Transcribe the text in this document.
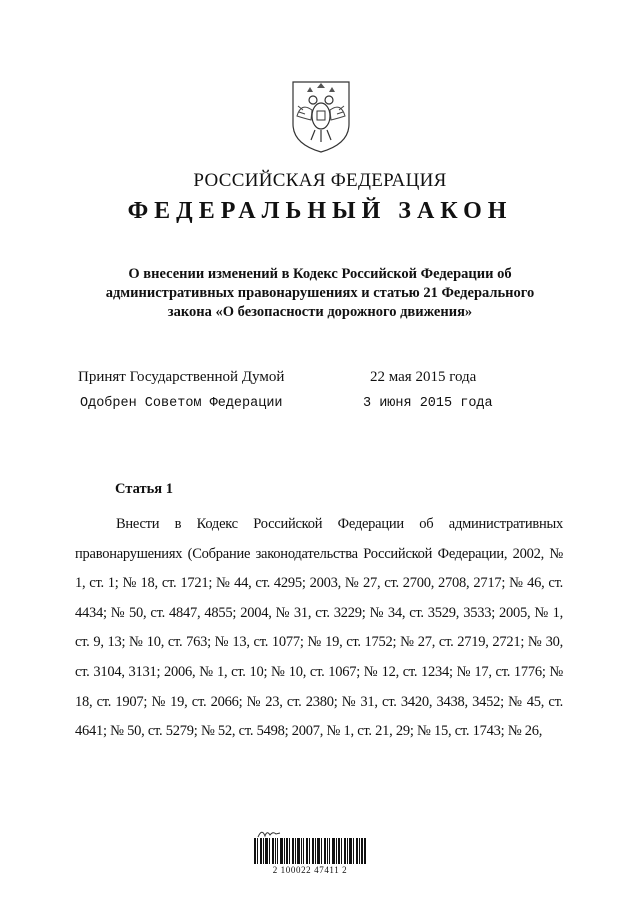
РОССИЙСКАЯ ФЕДЕРАЦИЯ
ФЕДЕРАЛЬНЫЙ ЗАКОН
О внесении изменений в Кодекс Российской Федерации об административных правонарушениях и статью 21 Федерального закона «О безопасности дорожного движения»
Принят Государственной Думой	22 мая 2015 года
Одобрен Советом Федерации	3 июня 2015 года
Статья 1

Внести в Кодекс Российской Федерации об административных правонарушениях (Собрание законодательства Российской Федерации, 2002, № 1, ст. 1; № 18, ст. 1721; № 44, ст. 4295; 2003, № 27, ст. 2700, 2708, 2717; № 46, ст. 4434; № 50, ст. 4847, 4855; 2004, № 31, ст. 3229; № 34, ст. 3529, 3533; 2005, № 1, ст. 9, 13; № 10, ст. 763; № 13, ст. 1077; № 19, ст. 1752; № 27, ст. 2719, 2721; № 30, ст. 3104, 3131; 2006, № 1, ст. 10; № 10, ст. 1067; № 12, ст. 1234; № 17, ст. 1776; № 18, ст. 1907; № 19, ст. 2066; № 23, ст. 2380; № 31, ст. 3420, 3438, 3452; № 45, ст. 4641; № 50, ст. 5279; № 52, ст. 5498; 2007, № 1, ст. 21, 29; № 15, ст. 1743; № 26,

2 100022 47411 2
